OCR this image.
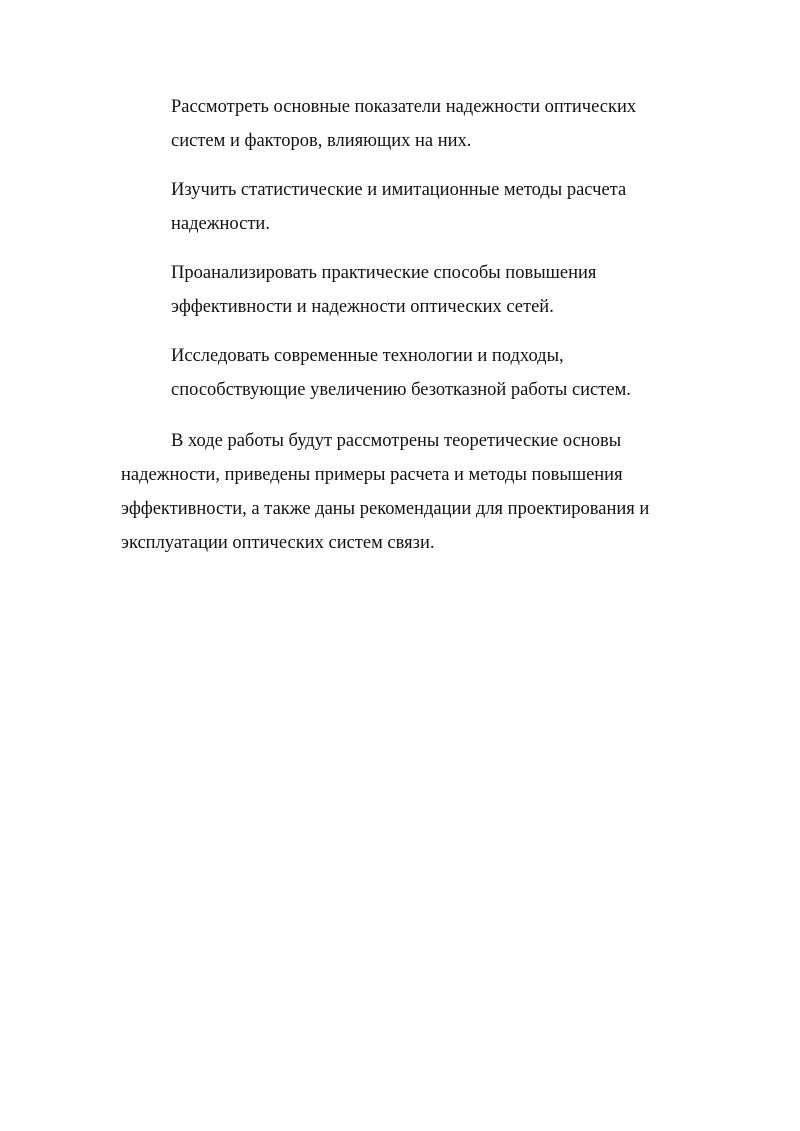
Рассмотреть основные показатели надежности оптических систем и факторов, влияющих на них.
Изучить статистические и имитационные методы расчета надежности.
Проанализировать практические способы повышения эффективности и надежности оптических сетей.
Исследовать современные технологии и подходы, способствующие увеличению безотказной работы систем.

В ходе работы будут рассмотрены теоретические основы надежности, приведены примеры расчета и методы повышения эффективности, а также даны рекомендации для проектирования и эксплуатации оптических систем связи.
